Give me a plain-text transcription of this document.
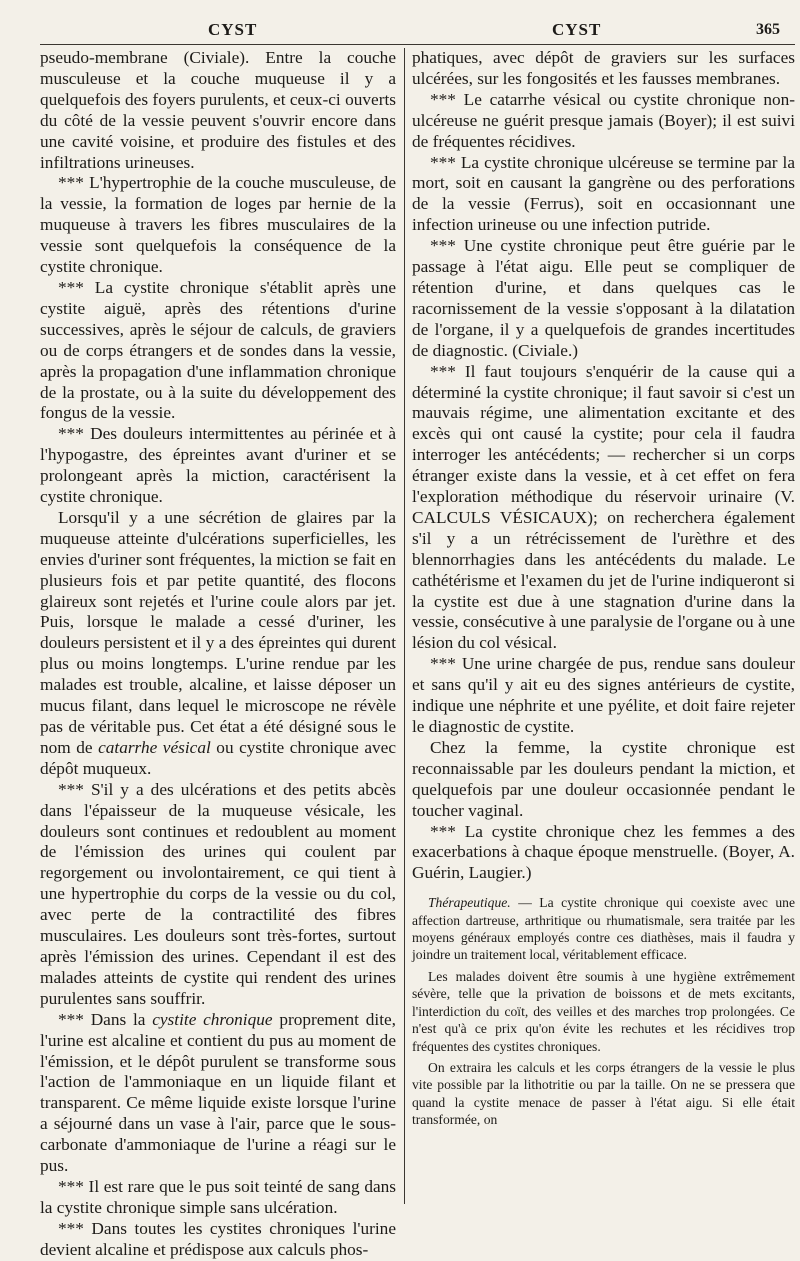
CYST	CYST	365

pseudo-membrane (Civiale). Entre la couche musculeuse et la couche muqueuse il y a quelquefois des foyers purulents, et ceux-ci ouverts du côté de la vessie peuvent s'ouvrir encore dans une cavité voisine, et produire des fistules et des infiltrations urineuses.

*** L'hypertrophie de la couche musculeuse, de la vessie, la formation de loges par hernie de la muqueuse à travers les fibres musculaires de la vessie sont quelquefois la conséquence de la cystite chronique.

*** La cystite chronique s'établit après une cystite aiguë, après des rétentions d'urine successives, après le séjour de calculs, de graviers ou de corps étrangers et de sondes dans la vessie, après la propagation d'une inflammation chronique de la prostate, ou à la suite du développement des fongus de la vessie.

*** Des douleurs intermittentes au périnée et à l'hypogastre, des épreintes avant d'uriner et se prolongeant après la miction, caractérisent la cystite chronique.

Lorsqu'il y a une sécrétion de glaires par la muqueuse atteinte d'ulcérations superficielles, les envies d'uriner sont fréquentes, la miction se fait en plusieurs fois et par petite quantité, des flocons glaireux sont rejetés et l'urine coule alors par jet. Puis, lorsque le malade a cessé d'uriner, les douleurs persistent et il y a des épreintes qui durent plus ou moins longtemps. L'urine rendue par les malades est trouble, alcaline, et laisse déposer un mucus filant, dans lequel le microscope ne révèle pas de véritable pus. Cet état a été désigné sous le nom de catarrhe vésical ou cystite chronique avec dépôt muqueux.

*** S'il y a des ulcérations et des petits abcès dans l'épaisseur de la muqueuse vésicale, les douleurs sont continues et redoublent au moment de l'émission des urines qui coulent par regorgement ou involontairement, ce qui tient à une hypertrophie du corps de la vessie ou du col, avec perte de la contractilité des fibres musculaires. Les douleurs sont très-fortes, surtout après l'émission des urines. Cependant il est des malades atteints de cystite qui rendent des urines purulentes sans souffrir.

*** Dans la cystite chronique proprement dite, l'urine est alcaline et contient du pus au moment de l'émission, et le dépôt purulent se transforme sous l'action de l'ammoniaque en un liquide filant et transparent. Ce même liquide existe lorsque l'urine a séjourné dans un vase à l'air, parce que le sous-carbonate d'ammoniaque de l'urine a réagi sur le pus.

*** Il est rare que le pus soit teinté de sang dans la cystite chronique simple sans ulcération.

*** Dans toutes les cystites chroniques l'urine devient alcaline et prédispose aux calculs phos-

phatiques, avec dépôt de graviers sur les surfaces ulcérées, sur les fongosités et les fausses membranes.

*** Le catarrhe vésical ou cystite chronique non-ulcéreuse ne guérit presque jamais (Boyer); il est suivi de fréquentes récidives.

*** La cystite chronique ulcéreuse se termine par la mort, soit en causant la gangrène ou des perforations de la vessie (Ferrus), soit en occasionnant une infection urineuse ou une infection putride.

*** Une cystite chronique peut être guérie par le passage à l'état aigu. Elle peut se compliquer de rétention d'urine, et dans quelques cas le racornissement de la vessie s'opposant à la dilatation de l'organe, il y a quelquefois de grandes incertitudes de diagnostic. (Civiale.)

*** Il faut toujours s'enquérir de la cause qui a déterminé la cystite chronique; il faut savoir si c'est un mauvais régime, une alimentation excitante et des excès qui ont causé la cystite; pour cela il faudra interroger les antécédents; — rechercher si un corps étranger existe dans la vessie, et à cet effet on fera l'exploration méthodique du réservoir urinaire (V. CALCULS VÉSICAUX); on recherchera également s'il y a un rétrécissement de l'urèthre et des blennorrhagies dans les antécédents du malade. Le cathétérisme et l'examen du jet de l'urine indiqueront si la cystite est due à une stagnation d'urine dans la vessie, consécutive à une paralysie de l'organe ou à une lésion du col vésical.

*** Une urine chargée de pus, rendue sans douleur et sans qu'il y ait eu des signes antérieurs de cystite, indique une néphrite et une pyélite, et doit faire rejeter le diagnostic de cystite.

Chez la femme, la cystite chronique est reconnaissable par les douleurs pendant la miction, et quelquefois par une douleur occasionnée pendant le toucher vaginal.

*** La cystite chronique chez les femmes a des exacerbations à chaque époque menstruelle. (Boyer, A. Guérin, Laugier.)

Thérapeutique. — La cystite chronique qui coexiste avec une affection dartreuse, arthritique ou rhumatismale, sera traitée par les moyens généraux employés contre ces diathèses, mais il faudra y joindre un traitement local, véritablement efficace.

Les malades doivent être soumis à une hygiène extrêmement sévère, telle que la privation de boissons et de mets excitants, l'interdiction du coït, des veilles et des marches trop prolongées. Ce n'est qu'à ce prix qu'on évite les rechutes et les récidives trop fréquentes des cystites chroniques.

On extraira les calculs et les corps étrangers de la vessie le plus vite possible par la lithotritie ou par la taille. On ne se pressera que quand la cystite menace de passer à l'état aigu. Si elle était transformée, on
